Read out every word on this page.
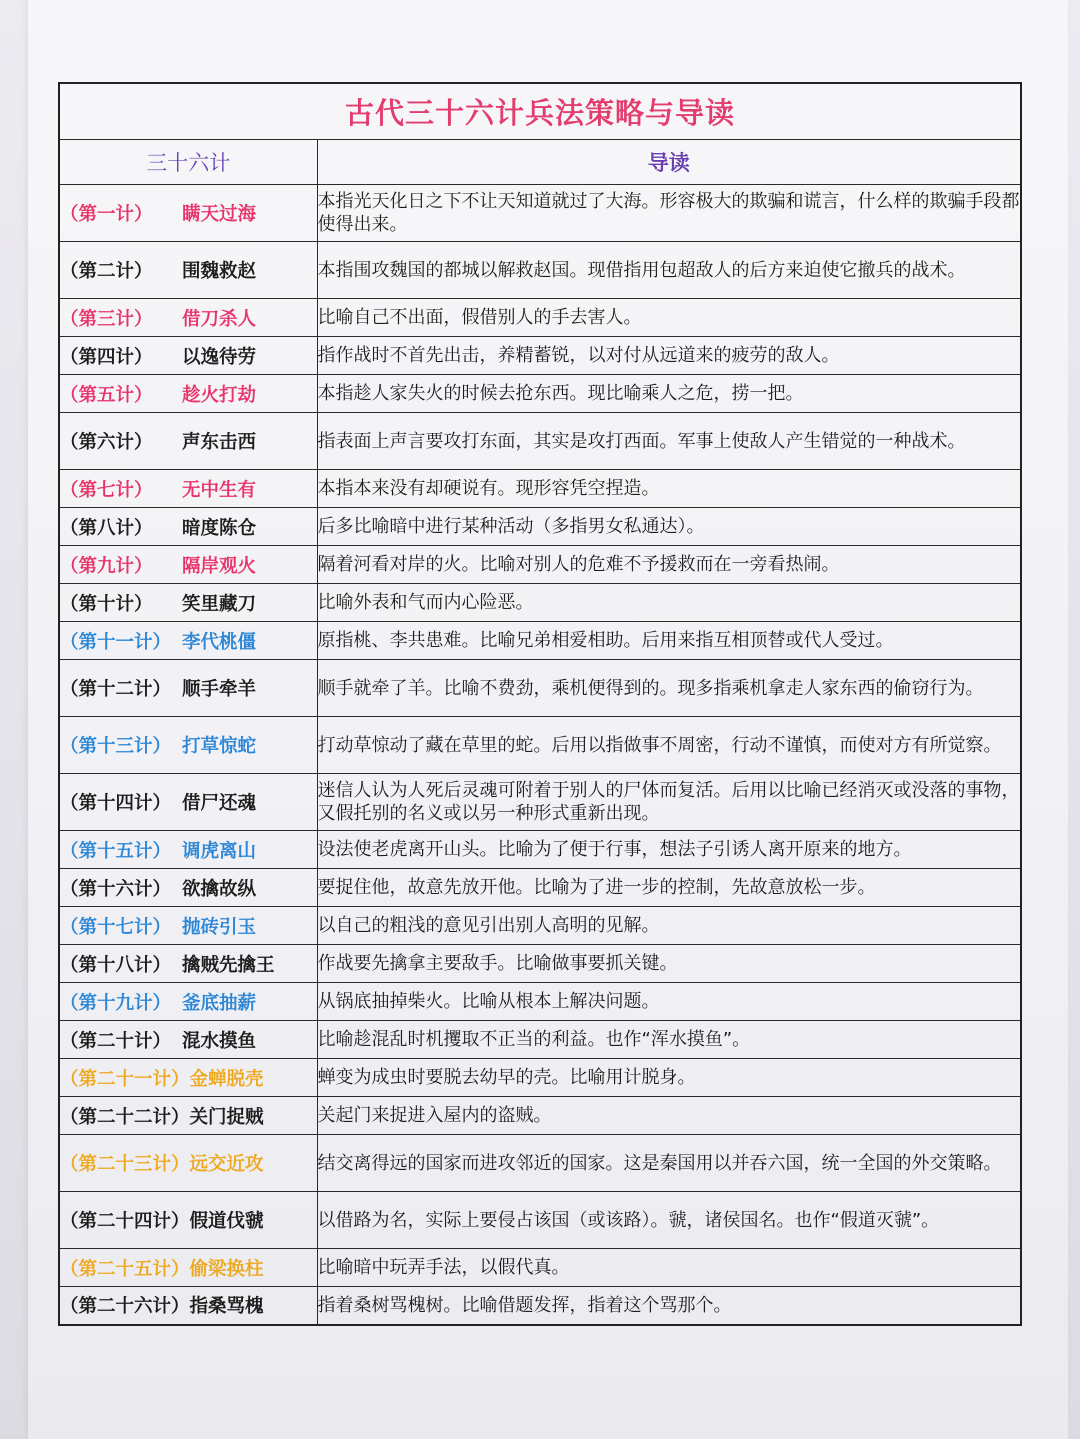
古代三十六计兵法策略与导读	
三十六计	导读
（第一计） 瞒天过海	本指光天化日之下不让天知道就过了大海。形容极大的欺骗和谎言，什么样的欺骗手段都使得出来。
（第二计） 围魏救赵	本指围攻魏国的都城以解救赵国。现借指用包超敌人的后方来迫使它撤兵的战术。
（第三计） 借刀杀人	比喻自己不出面，假借别人的手去害人。
（第四计） 以逸待劳	指作战时不首先出击，养精蓄锐，以对付从远道来的疲劳的敌人。
（第五计） 趁火打劫	本指趁人家失火的时候去抢东西。现比喻乘人之危，捞一把。
（第六计） 声东击西	指表面上声言要攻打东面，其实是攻打西面。军事上使敌人产生错觉的一种战术。
（第七计） 无中生有	本指本来没有却硬说有。现形容凭空捏造。
（第八计） 暗度陈仓	后多比喻暗中进行某种活动（多指男女私通达）。
（第九计） 隔岸观火	隔着河看对岸的火。比喻对别人的危难不予援救而在一旁看热闹。
（第十计） 笑里藏刀	比喻外表和气而内心险恶。
（第十一计） 李代桃僵	原指桃、李共患难。比喻兄弟相爱相助。后用来指互相顶替或代人受过。
（第十二计） 顺手牵羊	顺手就牵了羊。比喻不费劲，乘机便得到的。现多指乘机拿走人家东西的偷窃行为。
（第十三计） 打草惊蛇	打动草惊动了藏在草里的蛇。后用以指做事不周密，行动不谨慎，而使对方有所觉察。
（第十四计） 借尸还魂	迷信人认为人死后灵魂可附着于别人的尸体而复活。后用以比喻已经消灭或没落的事物，又假托别的名义或以另一种形式重新出现。
（第十五计） 调虎离山	设法使老虎离开山头。比喻为了便于行事，想法子引诱人离开原来的地方。
（第十六计） 欲擒故纵	要捉住他，故意先放开他。比喻为了进一步的控制，先故意放松一步。
（第十七计） 抛砖引玉	以自己的粗浅的意见引出别人高明的见解。
（第十八计） 擒贼先擒王	作战要先擒拿主要敌手。比喻做事要抓关键。
（第十九计） 釜底抽薪	从锅底抽掉柴火。比喻从根本上解决问题。
（第二十计） 混水摸鱼	比喻趁混乱时机攫取不正当的利益。也作“浑水摸鱼”。
（第二十一计）金蝉脱壳	蝉变为成虫时要脱去幼早的壳。比喻用计脱身。
（第二十二计）关门捉贼	关起门来捉进入屋内的盗贼。
（第二十三计）远交近攻	结交离得远的国家而进攻邻近的国家。这是秦国用以并吞六国，统一全国的外交策略。
（第二十四计）假道伐虢	以借路为名，实际上要侵占该国（或该路）。虢，诸侯国名。也作“假道灭虢”。
（第二十五计）偷梁换柱	比喻暗中玩弄手法，以假代真。
（第二十六计）指桑骂槐	指着桑树骂槐树。比喻借题发挥，指着这个骂那个。
